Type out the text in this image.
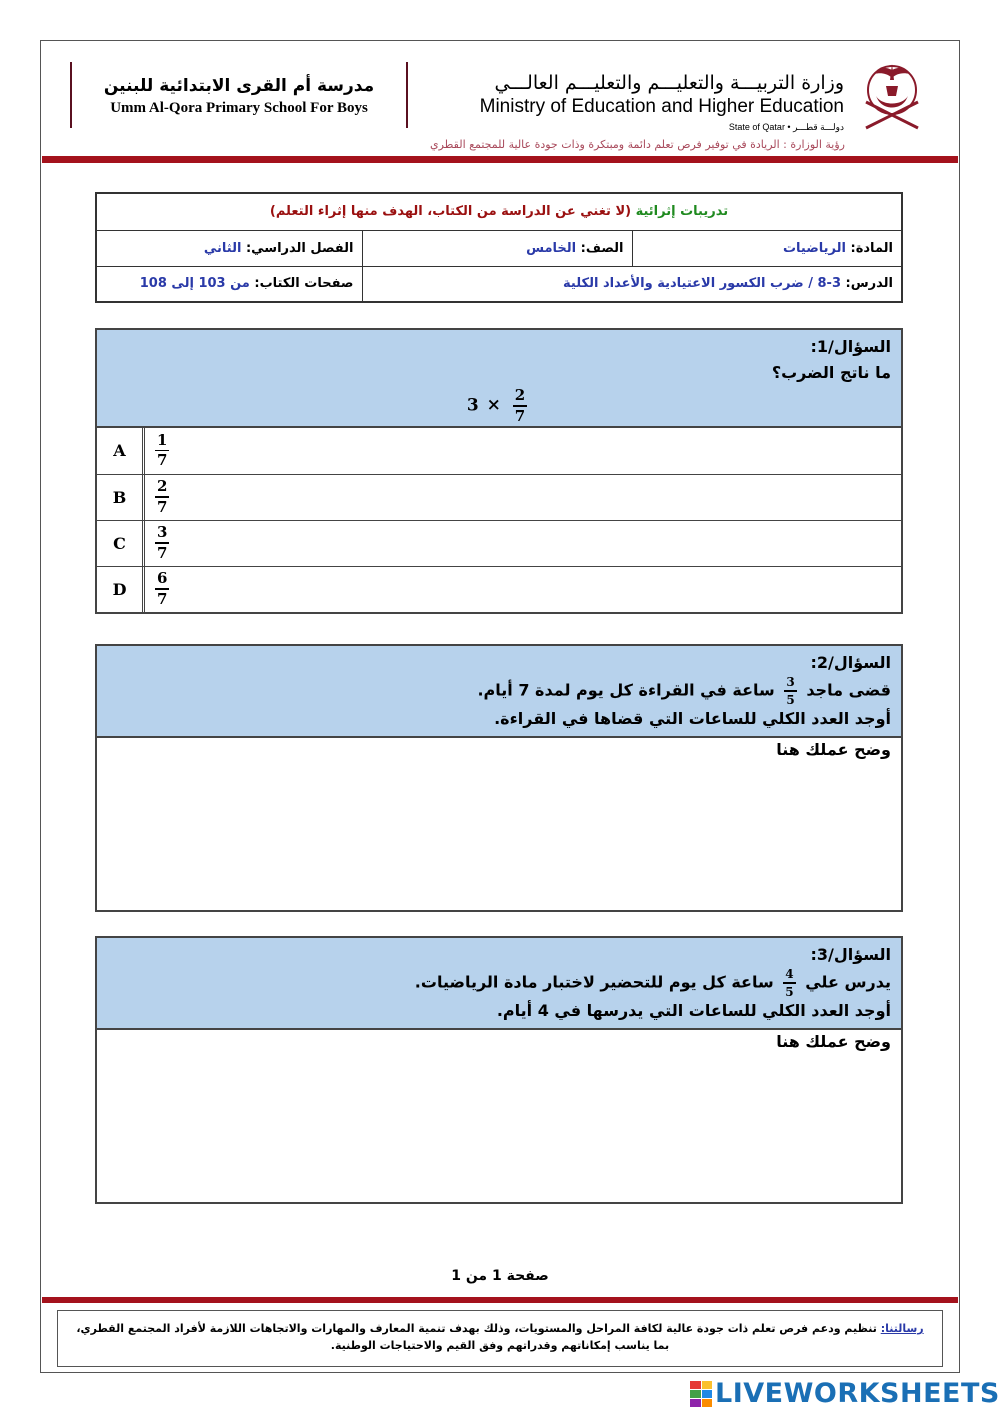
مدرسة أم القرى الابتدائية للبنين
Umm Al-Qora Primary School For Boys
وزارة التربيـــة والتعليـــم والتعليـــم العالـــي
Ministry of Education and Higher Education
State of Qatar • دولـــة قطـــر
رؤية الوزارة : الريادة في توفير فرص تعلم دائمة ومبتكرة وذات جودة عالية للمجتمع القطري
تدريبات إثرائية (لا تغني عن الدراسة من الكتاب، الهدف منها إثراء التعلم)		
المادة: الرياضيات	الصف: الخامس	الفصل الدراسي: الثاني
الدرس: 3-8 / ضرب الكسور الاعتيادية والأعداد الكلية		صفحات الكتاب: من 103 إلى 108
السؤال/1:
ما ناتج الضرب؟
$3 \times \frac{2}{7}$
A	$\frac{1}{7}$
B	$\frac{2}{7}$
C	$\frac{3}{7}$
D	$\frac{6}{7}$
السؤال/2:
قضى ماجد
$\frac{3}{5}$
ساعة في القراءة كل يوم لمدة 7 أيام.
أوجد العدد الكلي للساعات التي قضاها في القراءة.
وضح عملك هنا
السؤال/3:
يدرس علي
$\frac{4}{5}$
ساعة كل يوم للتحضير لاختبار مادة الرياضيات.
أوجد العدد الكلي للساعات التي يدرسها في 4 أيام.
وضح عملك هنا
صفحة 1 من 1
رسالتنا: تنظيم ودعم فرص تعلم ذات جودة عالية لكافة المراحل والمستويات، وذلك بهدف تنمية المعارف والمهارات والاتجاهات اللازمة لأفراد المجتمع القطري،
بما يناسب إمكاناتهم وقدراتهم وفق القيم والاحتياجات الوطنية.
LIVEWORKSHEETS
